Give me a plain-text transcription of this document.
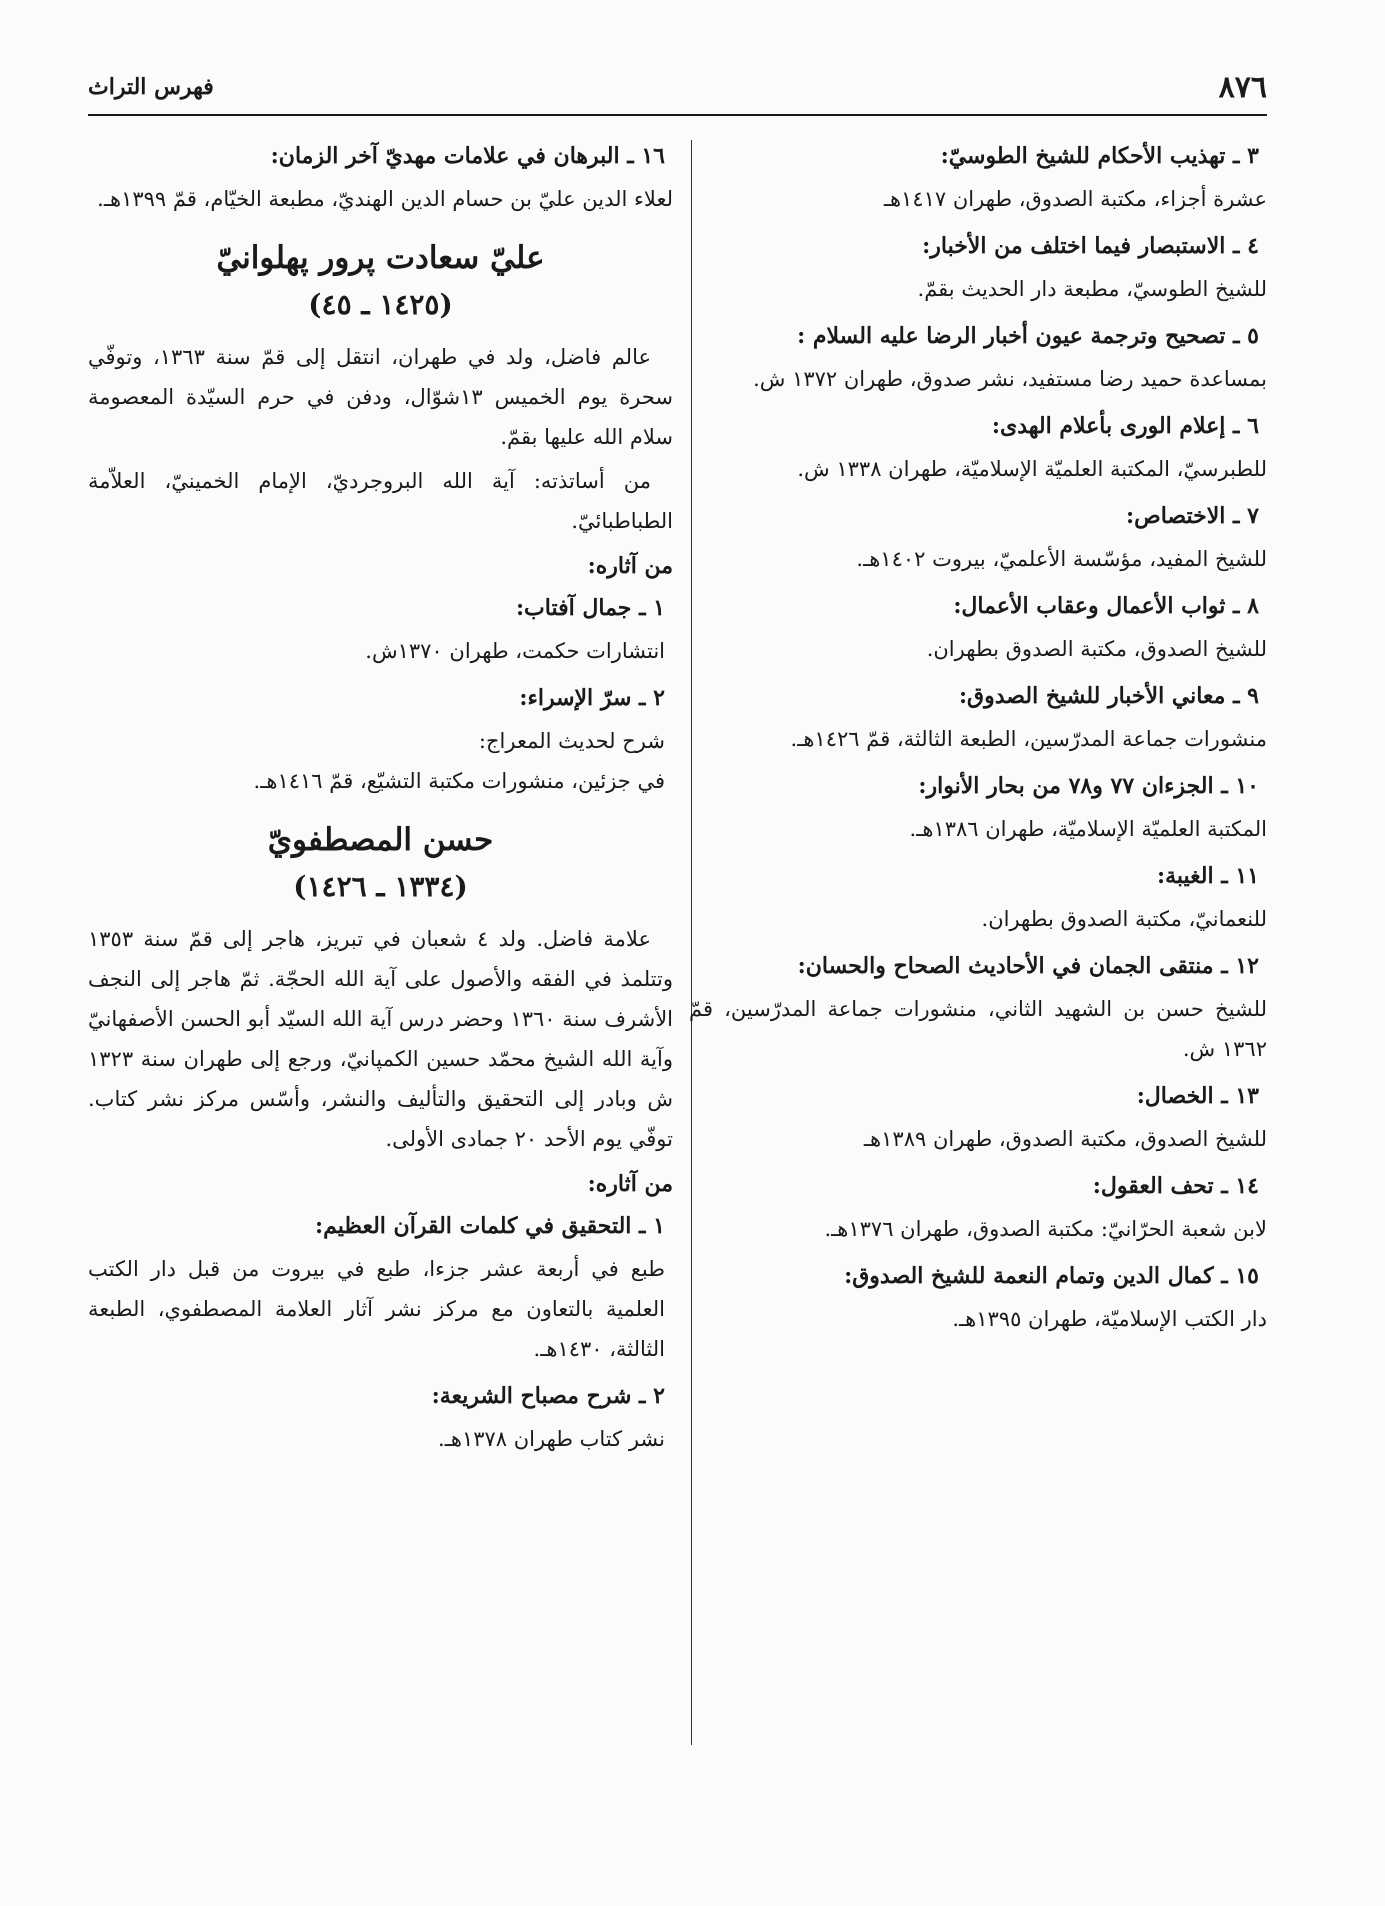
٨٧٦
فهرس التراث
٣ ـ تهذيب الأحكام للشيخ الطوسيّ:
عشرة أجزاء، مكتبة الصدوق، طهران ١٤١٧هـ
٤ ـ الاستبصار فيما اختلف من الأخبار:
للشيخ الطوسيّ، مطبعة دار الحديث بقمّ.
٥ ـ تصحيح وترجمة عيون أخبار الرضا عليه السلام :
بمساعدة حميد رضا مستفيد، نشر صدوق، طهران ١٣٧٢ ش.
٦ ـ إعلام الورى بأعلام الهدى:
للطبرسيّ، المكتبة العلميّة الإسلاميّة، طهران ١٣٣٨ ش.
٧ ـ الاختصاص:
للشيخ المفيد، مؤسّسة الأعلميّ، بيروت ١٤٠٢هـ.
٨ ـ ثواب الأعمال وعقاب الأعمال:
للشيخ الصدوق، مكتبة الصدوق بطهران.
٩ ـ معاني الأخبار للشيخ الصدوق:
منشورات جماعة المدرّسين، الطبعة الثالثة، قمّ ١٤٢٦هـ.
١٠ ـ الجزءان ٧٧ و٧٨ من بحار الأنوار:
المكتبة العلميّة الإسلاميّة، طهران ١٣٨٦هـ.
١١ ـ الغيبة:
للنعمانيّ، مكتبة الصدوق بطهران.
١٢ ـ منتقى الجمان في الأحاديث الصحاح والحسان:
للشيخ حسن بن الشهيد الثاني، منشورات جماعة المدرّسين، قمّ ١٣٦٢ ش.
١٣ ـ الخصال:
للشيخ الصدوق، مكتبة الصدوق، طهران ١٣٨٩هـ
١٤ ـ تحف العقول:
لابن شعبة الحرّانيّ: مكتبة الصدوق، طهران ١٣٧٦هـ.
١٥ ـ كمال الدين وتمام النعمة للشيخ الصدوق:
دار الكتب الإسلاميّة، طهران ١٣٩٥هـ.
١٦ ـ البرهان في علامات مهديّ آخر الزمان:
لعلاء الدين عليّ بن حسام الدين الهنديّ، مطبعة الخيّام، قمّ ١٣٩٩هـ.
عليّ سعادت پرور پهلوانيّ
(١٤٢٥ ـ ٤٥)

عالم فاضل، ولد في طهران، انتقل إلى قمّ سنة ١٣٦٣، وتوفّي سحرة يوم الخميس ١٣شوّال، ودفن في حرم السيّدة المعصومة سلام الله عليها بقمّ.

من أساتذته: آية الله البروجرديّ، الإمام الخمينيّ، العلاّمة الطباطبائيّ.

من آثاره:
١ ـ جمال آفتاب:
انتشارات حكمت، طهران ١٣٧٠ش.
٢ ـ سرّ الإسراء:
شرح لحديث المعراج:
في جزئين، منشورات مكتبة التشيّع، قمّ ١٤١٦هـ.
حسن المصطفويّ
(١٣٣٤ ـ ١٤٢٦)

علامة فاضل. ولد ٤ شعبان في تبريز، هاجر إلى قمّ سنة ١٣٥٣ وتتلمذ في الفقه والأصول على آية الله الحجّة. ثمّ هاجر إلى النجف الأشرف سنة ١٣٦٠ وحضر درس آية الله السيّد أبو الحسن الأصفهانيّ وآية الله الشيخ محمّد حسين الكمپانيّ، ورجع إلى طهران سنة ١٣٢٣ ش وبادر إلى التحقيق والتأليف والنشر، وأسّس مركز نشر كتاب. توفّي يوم الأحد ٢٠ جمادى الأولى.

من آثاره:
١ ـ التحقيق في كلمات القرآن العظيم:
طبع في أربعة عشر جزءا، طبع في بيروت من قبل دار الكتب العلمية بالتعاون مع مركز نشر آثار العلامة المصطفوي، الطبعة الثالثة، ١٤٣٠هـ.
٢ ـ شرح مصباح الشريعة:
نشر كتاب طهران ١٣٧٨هـ.
